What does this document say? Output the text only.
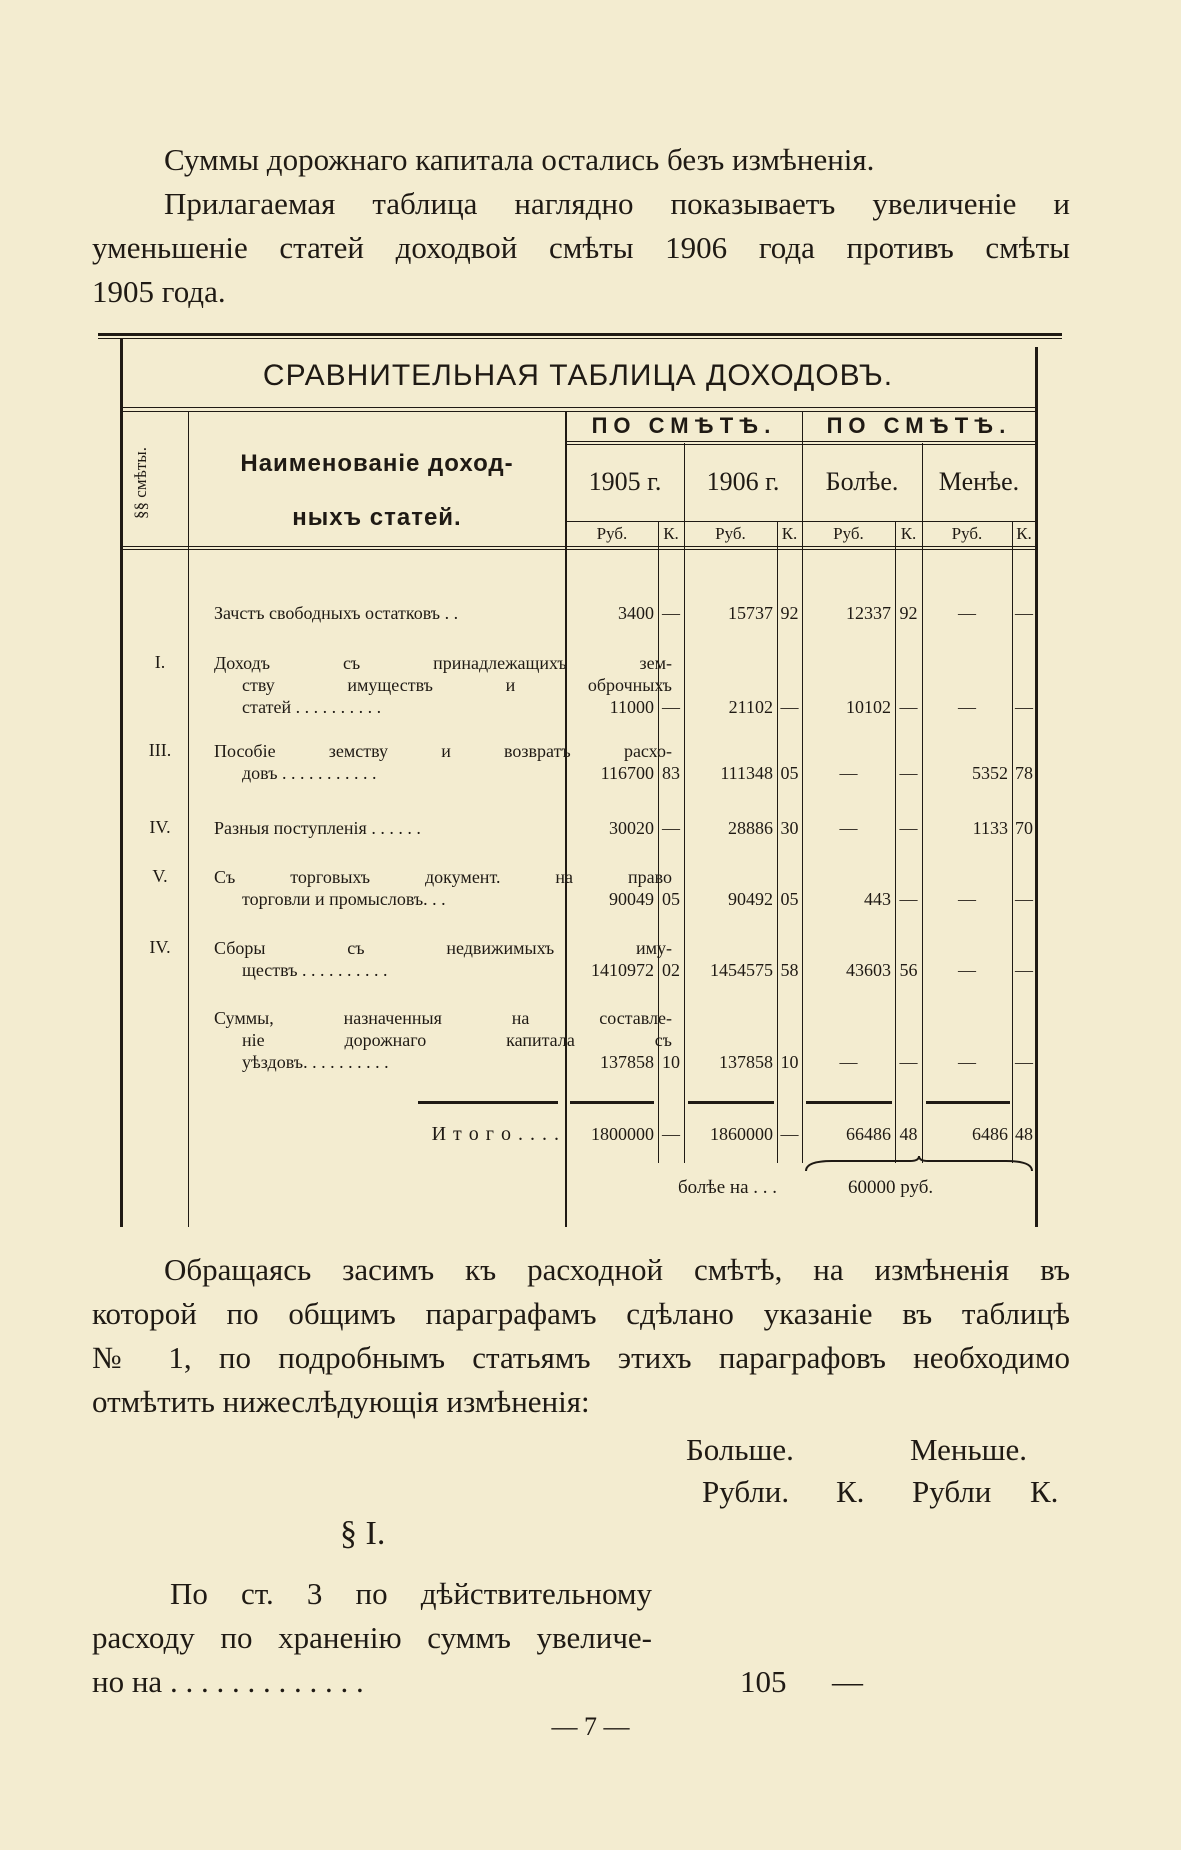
Суммы дорожнаго капитала остались безъ измѣненія.
Прилагаемая таблица наглядно показываетъ увеличеніе и
уменьшеніе статей доходвой смѣты 1906 года противъ смѣты
1905 года.
СРАВНИТЕЛЬНАЯ ТАБЛИЦА ДОХОДОВЪ.
§§ смѣты.	Наименованіе доход-
ныхъ статей.
ПО СМѢТѢ.	ПО СМѢТѢ.
1905 г.	1906 г.	Болѣе.	Менѣе.
Руб.	К.	Руб.	К.	Руб.	К.	Руб.	К.
Зачстъ свободныхъ остатковъ . .	3400 —	15737 92	12337 92	—	—
I.	Доходъ съ принадлежащихъ зем-
ству имуществъ и оброчныхъ
статей . . . . . . . . . .	11000 —	21102 —	10102 —	—	—
III. Пособіе земству и возвратъ расхо-
довъ . . . . . . . . . . .	116700 83	111348 05	—	—	5352 78
IV. Разныя поступленія . . . . . .	30020 —	28886 30	—	—	1133 70
V.	Съ торговыхъ документ. на право
торговли и промысловъ. . .	90049 05	90492 05	443 —	—	—
IV. Сборы съ недвижимыхъ иму-
ществъ . . . . . . . . . .	1410972 02	1454575 58	43603 56	—	—
Суммы, назначенныя на составле-
ніе дорожнаго капитала съ
уѣздовъ. . . . . . . . . .	137858 10	137858 10	—	—	—	—
И т о г о . . . .	1800000 —	1860000 —	66486 48	6486 48
болѣе на . . .	60000 руб.
Обращаясь засимъ къ расходной смѣтѣ, на измѣненія въ
которой по общимъ параграфамъ сдѣлано указаніе въ таблицѣ
№ 1, по подробнымъ статьямъ этихъ параграфовъ необходимо
отмѣтить нижеслѣдующія измѣненія:
Больше.	Меньше.
Рубли. К. Рубли К.
§ I.
По ст. 3 по дѣйствительному
расходу по храненію суммъ увеличе-
но на . . . . . . . . . . . . .	105 —
— 7 —
